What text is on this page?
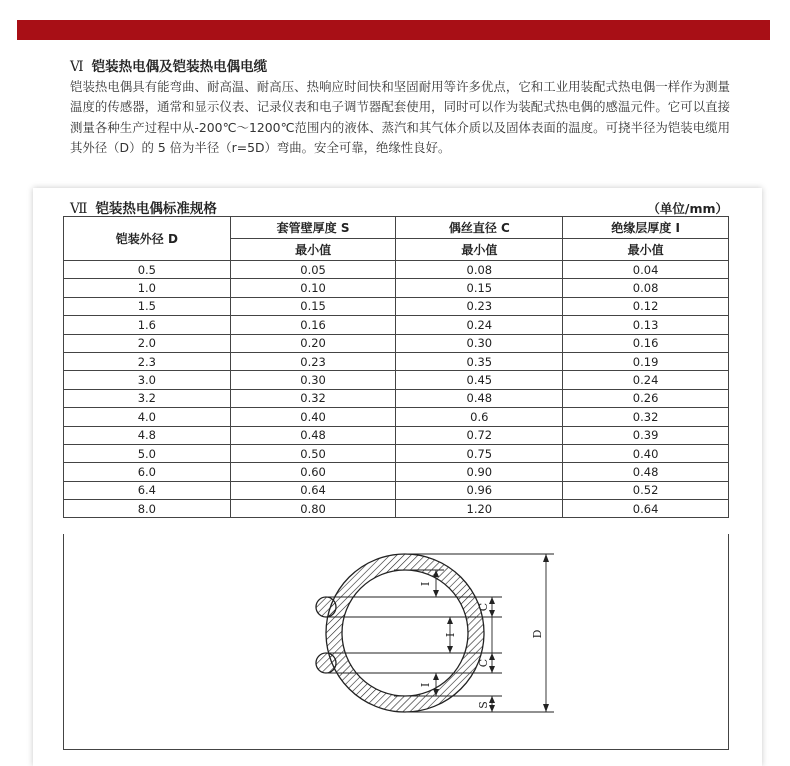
Ⅵ 铠装热电偶及铠装热电偶电缆
铠装热电偶具有能弯曲、耐高温、耐高压、热响应时间快和坚固耐用等许多优点，它和工业用装配式热电偶一样作为测量温度的传感器，通常和显示仪表、记录仪表和电子调节器配套使用，同时可以作为装配式热电偶的感温元件。它可以直接测量各种生产过程中从-200℃～1200℃范围内的液体、蒸汽和其气体介质以及固体表面的温度。可挠半径为铠装电缆用其外径（D）的 5 倍为半径（r=5D）弯曲。安全可靠，绝缘性良好。
Ⅶ 铠装热电偶标准规格	（单位/mm）
铠装外径 D	套管壁厚度 S	偶丝直径 C	绝缘层厚度 I
	最小值	最小值	最小值
0.5	0.05	0.08	0.04
1.0	0.10	0.15	0.08
1.5	0.15	0.23	0.12
1.6	0.16	0.24	0.13
2.0	0.20	0.30	0.16
2.3	0.23	0.35	0.19
3.0	0.30	0.45	0.24
3.2	0.32	0.48	0.26
4.0	0.40	0.6	0.32
4.8	0.48	0.72	0.39
5.0	0.50	0.75	0.40
6.0	0.60	0.90	0.48
6.4	0.64	0.96	0.52
8.0	0.80	1.20	0.64
I
C
I
C
I
S
D
